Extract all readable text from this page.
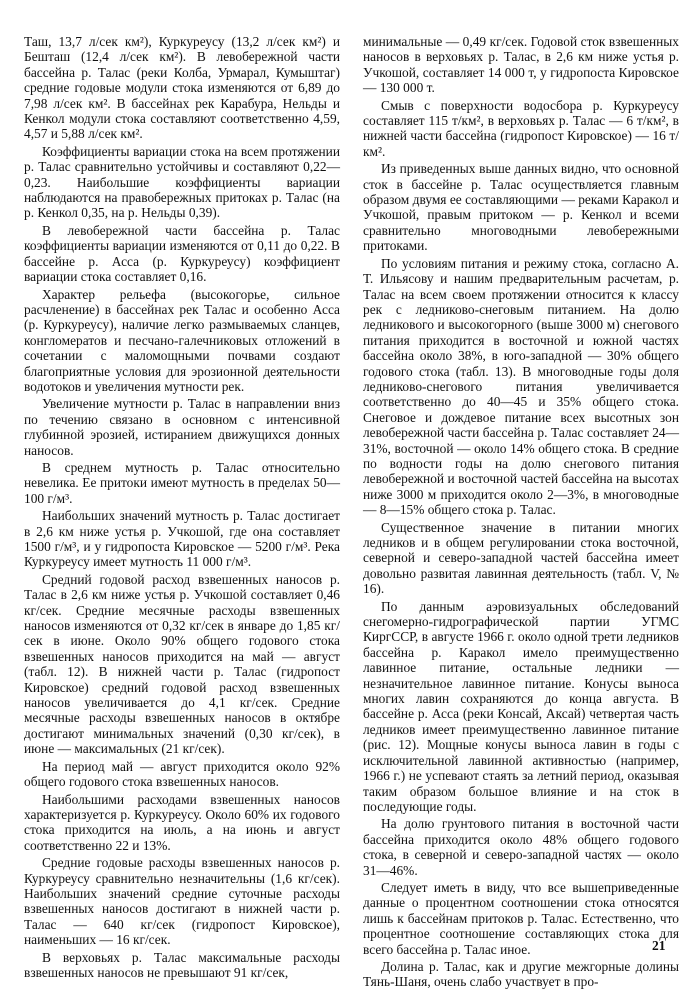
Таш, 13,7 л/сек км²), Куркуреусу (13,2 л/сек км²) и Бешташ (12,4 л/сек км²). В левобережной части бассейна р. Талас (реки Колба, Урмарал, Кумыштаг) средние годовые модули стока изменяются от 6,89 до 7,98 л/сек км². В бассейнах рек Карабура, Нельды и Кенкол модули стока составляют соответственно 4,59, 4,57 и 5,88 л/сек км².

Коэффициенты вариации стока на всем протяжении р. Талас сравнительно устойчивы и составляют 0,22—0,23. Наибольшие коэффициенты вариации наблюдаются на правобережных притоках р. Талас (на р. Кенкол 0,35, на р. Нельды 0,39).

В левобережной части бассейна р. Талас коэффициенты вариации изменяются от 0,11 до 0,22. В бассейне р. Асса (р. Куркуреусу) коэффициент вариации стока составляет 0,16.

Характер рельефа (высокогорье, сильное расчленение) в бассейнах рек Талас и особенно Асса (р. Куркуреусу), наличие легко размываемых сланцев, конгломератов и песчано-галечниковых отложений в сочетании с маломощными почвами создают благоприятные условия для эрозионной деятельности водотоков и увеличения мутности рек.

Увеличение мутности р. Талас в направлении вниз по течению связано в основном с интенсивной глубинной эрозией, истиранием движущихся донных наносов.

В среднем мутность р. Талас относительно невелика. Ее притоки имеют мутность в пределах 50—100 г/м³.

Наибольших значений мутность р. Талас достигает в 2,6 км ниже устья р. Учкошой, где она составляет 1500 г/м³, и у гидропоста Кировское — 5200 г/м³. Река Куркуреусу имеет мутность 11 000 г/м³.

Средний годовой расход взвешенных наносов р. Талас в 2,6 км ниже устья р. Учкошой составляет 0,46 кг/сек. Средние месячные расходы взвешенных наносов изменяются от 0,32 кг/сек в январе до 1,85 кг/сек в июне. Около 90% общего годового стока взвешенных наносов приходится на май — август (табл. 12). В нижней части р. Талас (гидропост Кировское) средний годовой расход взвешенных наносов увеличивается до 4,1 кг/сек. Средние месячные расходы взвешенных наносов в октябре достигают минимальных значений (0,30 кг/сек), в июне — максимальных (21 кг/сек).

На период май — август приходится около 92% общего годового стока взвешенных наносов.

Наибольшими расходами взвешенных наносов характеризуется р. Куркуреусу. Около 60% их годового стока приходится на июль, а на июнь и август соответственно 22 и 13%.

Средние годовые расходы взвешенных наносов р. Куркуреусу сравнительно незначительны (1,6 кг/сек). Наибольших значений средние суточные расходы взвешенных наносов достигают в нижней части р. Талас — 640 кг/сек (гидропост Кировское), наименьших — 16 кг/сек.

В верховьях р. Талас максимальные расходы взвешенных наносов не превышают 91 кг/сек,

минимальные — 0,49 кг/сек. Годовой сток взвешенных наносов в верховьях р. Талас, в 2,6 км ниже устья р. Учкошой, составляет 14 000 т, у гидропоста Кировское — 130 000 т.

Смыв с поверхности водосбора р. Куркуреусу составляет 115 т/км², в верховьях р. Талас — 6 т/км², в нижней части бассейна (гидропост Кировское) — 16 т/км².

Из приведенных выше данных видно, что основной сток в бассейне р. Талас осуществляется главным образом двумя ее составляющими — реками Каракол и Учкошой, правым притоком — р. Кенкол и всеми сравнительно многоводными левобережными притоками.

По условиям питания и режиму стока, согласно А. Т. Ильясову и нашим предварительным расчетам, р. Талас на всем своем протяжении относится к классу рек с ледниково-снеговым питанием. На долю ледникового и высокогорного (выше 3000 м) снегового питания приходится в восточной и южной частях бассейна около 38%, в юго-западной — 30% общего годового стока (табл. 13). В многоводные годы доля ледниково-снегового питания увеличивается соответственно до 40—45 и 35% общего стока. Снеговое и дождевое питание всех высотных зон левобережной части бассейна р. Талас составляет 24—31%, восточной — около 14% общего стока. В средние по водности годы на долю снегового питания левобережной и восточной частей бассейна на высотах ниже 3000 м приходится около 2—3%, в многоводные — 8—15% общего стока р. Талас.

Существенное значение в питании многих ледников и в общем регулировании стока восточной, северной и северо-западной частей бассейна имеет довольно развитая лавинная деятельность (табл. V, № 16).

По данным аэровизуальных обследований снегомерно-гидрографической партии УГМС КиргССР, в августе 1966 г. около одной трети ледников бассейна р. Каракол имело преимущественно лавинное питание, остальные ледники — незначительное лавинное питание. Конусы выноса многих лавин сохраняются до конца августа. В бассейне р. Асса (реки Консай, Аксай) четвертая часть ледников имеет преимущественно лавинное питание (рис. 12). Мощные конусы выноса лавин в годы с исключительной лавинной активностью (например, 1966 г.) не успевают стаять за летний период, оказывая таким образом большое влияние и на сток в последующие годы.

На долю грунтового питания в восточной части бассейна приходится около 48% общего годового стока, в северной и северо-западной частях — около 31—46%.

Следует иметь в виду, что все вышеприведенные данные о процентном соотношении стока относятся лишь к бассейнам притоков р. Талас. Естественно, что процентное соотношение составляющих стока для всего бассейна р. Талас иное.

Долина р. Талас, как и другие межгорные долины Тянь-Шаня, очень слабо участвует в про-

21
